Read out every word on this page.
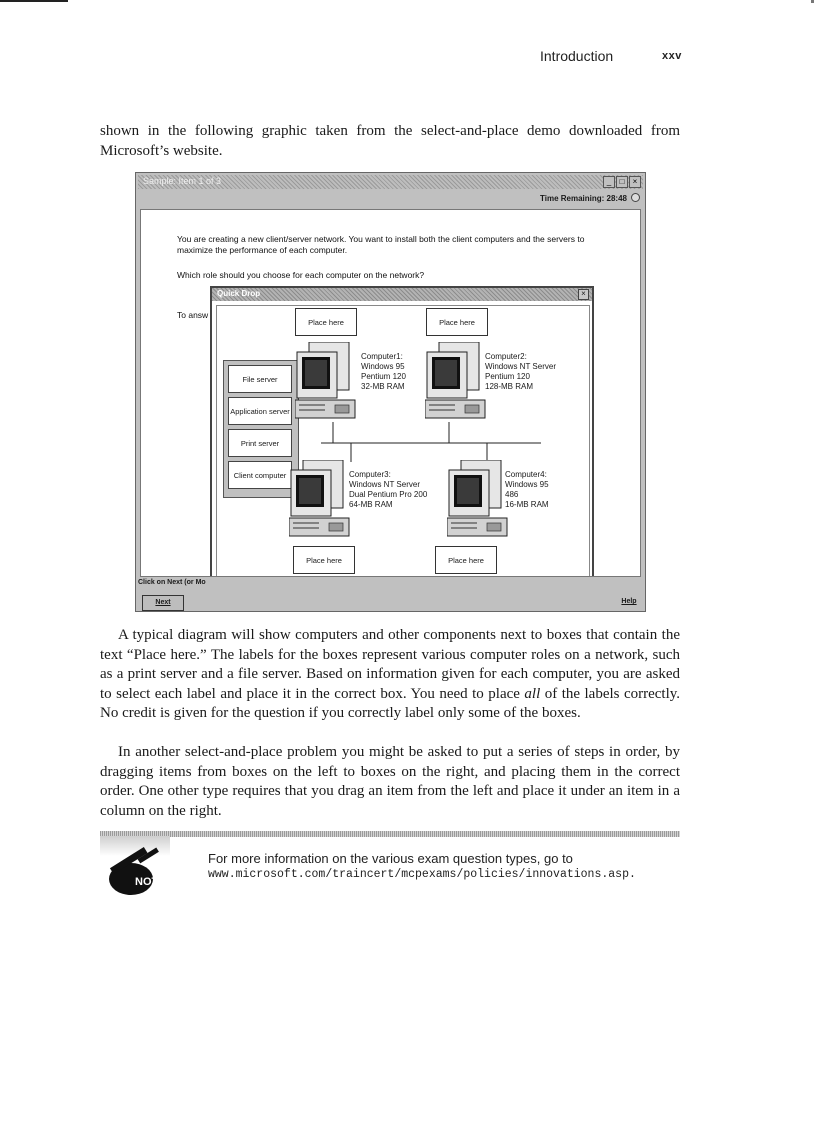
Introduction	xxv

shown in the following graphic taken from the select-and-place demo downloaded from Microsoft’s website.

Sample: Item 1 of 3	_	□	×
Time Remaining: 28:48

You are creating a new client/server network. You want to install both the client computers and the servers to

maximize the performance of each computer.

Which role should you choose for each computer on the network?

To answ

Quick Drop	×
File server
Application server
Print server
Client computer
Place here	Place here
Place here	Place here
Computer1:
Windows 95
Pentium 120
32-MB RAM
Computer2:
Windows NT Server
Pentium 120
128-MB RAM
Computer3:
Windows NT Server
Dual Pentium Pro 200
64-MB RAM
Computer4:
Windows 95
486
16-MB RAM
Click on Next (or Mo
Next	Help

A typical diagram will show computers and other components next to boxes that contain the text “Place here.” The labels for the boxes represent various computer roles on a network, such as a print server and a file server. Based on information given for each computer, you are asked to select each label and place it in the correct box. You need to place all of the labels correctly. No credit is given for the question if you correctly label only some of the boxes.

In another select-and-place problem you might be asked to put a series of steps in order, by dragging items from boxes on the left to boxes on the right, and placing them in the correct order. One other type requires that you drag an item from the left and place it under an item in a column on the right.

NOTE

For more information on the various exam question types, go to

www.microsoft.com/traincert/mcpexams/policies/innovations.asp.
